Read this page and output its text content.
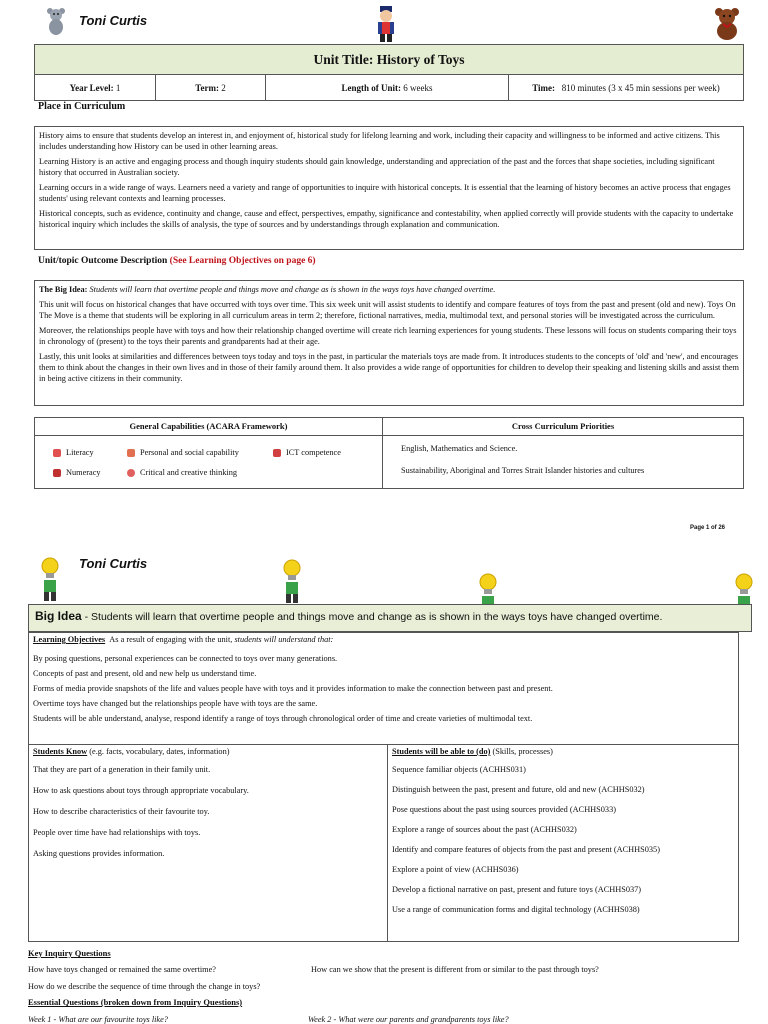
Toni Curtis
Unit Title: History of Toys
Year Level:
1	Term:
2	Length of Unit:
6 weeks	Time:
810 minutes (3 x 45 min sessions per week)
Place in Curriculum

History aims to ensure that students develop an interest in, and enjoyment of, historical study for lifelong learning and work, including their capacity and willingness to be informed and active citizens. This includes understanding how History can be used in other learning areas.

Learning History is an active and engaging process and though inquiry students should gain knowledge, understanding and appreciation of the past and the forces that shape societies, including significant history that occurred in Australian society.

Learning occurs in a wide range of ways. Learners need a variety and range of opportunities to inquire with historical concepts. It is essential that the learning of history becomes an active process that engages students' using relevant contexts and learning processes.

Historical concepts, such as evidence, continuity and change, cause and effect, perspectives, empathy, significance and contestability, when applied correctly will provide students with the capacity to undertake historical inquiry which includes the skills of analysis, the type of sources and by understandings through explanation and communication.

Unit/topic Outcome Description (See Learning Objectives on page 6)

The Big Idea: Students will learn that overtime people and things move and change as is shown in the ways toys have changed overtime.

This unit will focus on historical changes that have occurred with toys over time. This six week unit will assist students to identify and compare features of toys from the past and present (old and new). Toys On The Move is a theme that students will be exploring in all curriculum areas in term 2; therefore, fictional narratives, media, multimodal text, and personal stories will be investigated across the curriculum.

Moreover, the relationships people have with toys and how their relationship changed overtime will create rich learning experiences for young students. These lessons will focus on students comparing their toys in chronology of (present) to the toys their parents and grandparents had at their age.

Lastly, this unit looks at similarities and differences between toys today and toys in the past, in particular the materials toys are made from. It introduces students to the concepts of 'old' and 'new', and encourages them to think about the changes in their own lives and in those of their family around them. It also provides a wide range of opportunities for children to develop their speaking and listening skills and assist them in being active citizens in their community.

General Capabilities (ACARA Framework)	Cross Curriculum Priorities
Literacy	Personal and social capability	ICT competence
Numeracy	Critical and creative thinking
English, Mathematics and Science.
Sustainability, Aboriginal and Torres Strait Islander histories and cultures
Page 1 of 26
Toni Curtis
Big Idea - Students will learn that overtime people and things move and change as is shown in the ways toys have changed overtime.
Learning Objectives As a result of engaging with the unit, students will understand that:
By posing questions, personal experiences can be connected to toys over many generations.
Concepts of past and present, old and new help us understand time.
Forms of media provide snapshots of the life and values people have with toys and it provides information to make the connection between past and present.
Overtime toys have changed but the relationships people have with toys are the same.
Students will be able understand, analyse, respond identify a range of toys through chronological order of time and create varieties of multimodal text.
Students Know (e.g. facts, vocabulary, dates, information)
That they are part of a generation in their family unit.
How to ask questions about toys through appropriate vocabulary.
How to describe characteristics of their favourite toy.
People over time have had relationships with toys.
Asking questions provides information.
Students will be able to (do) (Skills, processes)
Sequence familiar objects (ACHHS031)
Distinguish between the past, present and future, old and new (ACHHS032)
Pose questions about the past using sources provided (ACHHS033)
Explore a range of sources about the past (ACHHS032)
Identify and compare features of objects from the past and present (ACHHS035)
Explore a point of view (ACHHS036)
Develop a fictional narrative on past, present and future toys (ACHHS037)
Use a range of communication forms and digital technology (ACHHS038)
Key Inquiry Questions
How have toys changed or remained the same overtime?	How can we show that the present is different from or similar to the past through toys?
How do we describe the sequence of time through the change in toys?
Essential Questions (broken down from Inquiry Questions)
Week 1 - What are our favourite toys like?	Week 2 - What were our parents and grandparents toys like?
